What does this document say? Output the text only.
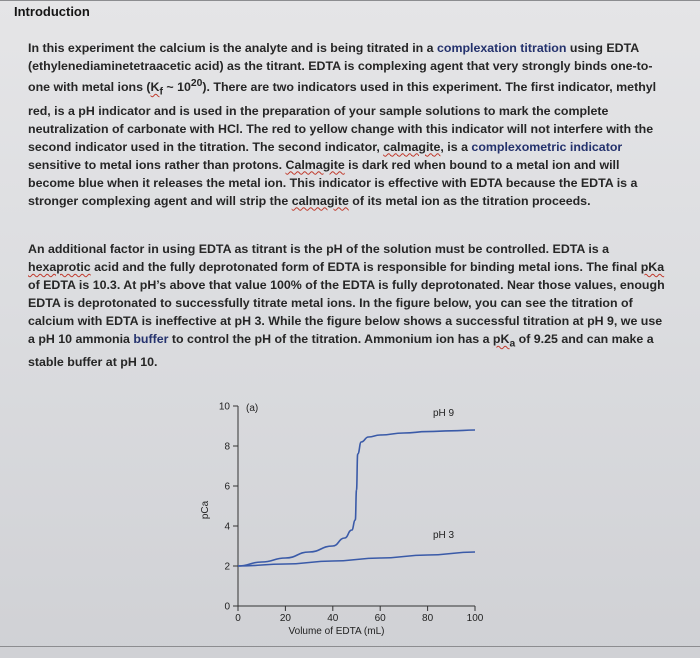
Introduction

In this experiment the calcium is the analyte and is being titrated in a complexation titration using EDTA (ethylenediaminetetraacetic acid) as the titrant. EDTA is complexing agent that very strongly binds one-to-one with metal ions ($K_f$ ~ $10^{20}$). There are two indicators used in this experiment. The first indicator, methyl red, is a pH indicator and is used in the preparation of your sample solutions to mark the complete neutralization of carbonate with HCl. The red to yellow change with this indicator will not interfere with the second indicator used in the titration. The second indicator, calmagite, is a complexometric indicator sensitive to metal ions rather than protons. Calmagite is dark red when bound to a metal ion and will become blue when it releases the metal ion. This indicator is effective with EDTA because the EDTA is a stronger complexing agent and will strip the calmagite of its metal ion as the titration proceeds.

An additional factor in using EDTA as titrant is the pH of the solution must be controlled. EDTA is a hexaprotic acid and the fully deprotonated form of EDTA is responsible for binding metal ions. The final pKa of EDTA is 10.3. At pH’s above that value 100% of the EDTA is fully deprotonated. Near those values, enough EDTA is deprotonated to successfully titrate metal ions. In the figure below, you can see the titration of calcium with EDTA is ineffective at pH 3. While the figure below shows a successful titration at pH 9, we use a pH 10 ammonia buffer to control the pH of the titration. Ammonium ion has a $pK_a$ of 9.25 and can make a stable buffer at pH 10.

0
2
4
6
8
10
0	20	40	60	80	100
Volume of EDTA (mL)
pCa
(a)	pH 9
pH 3
